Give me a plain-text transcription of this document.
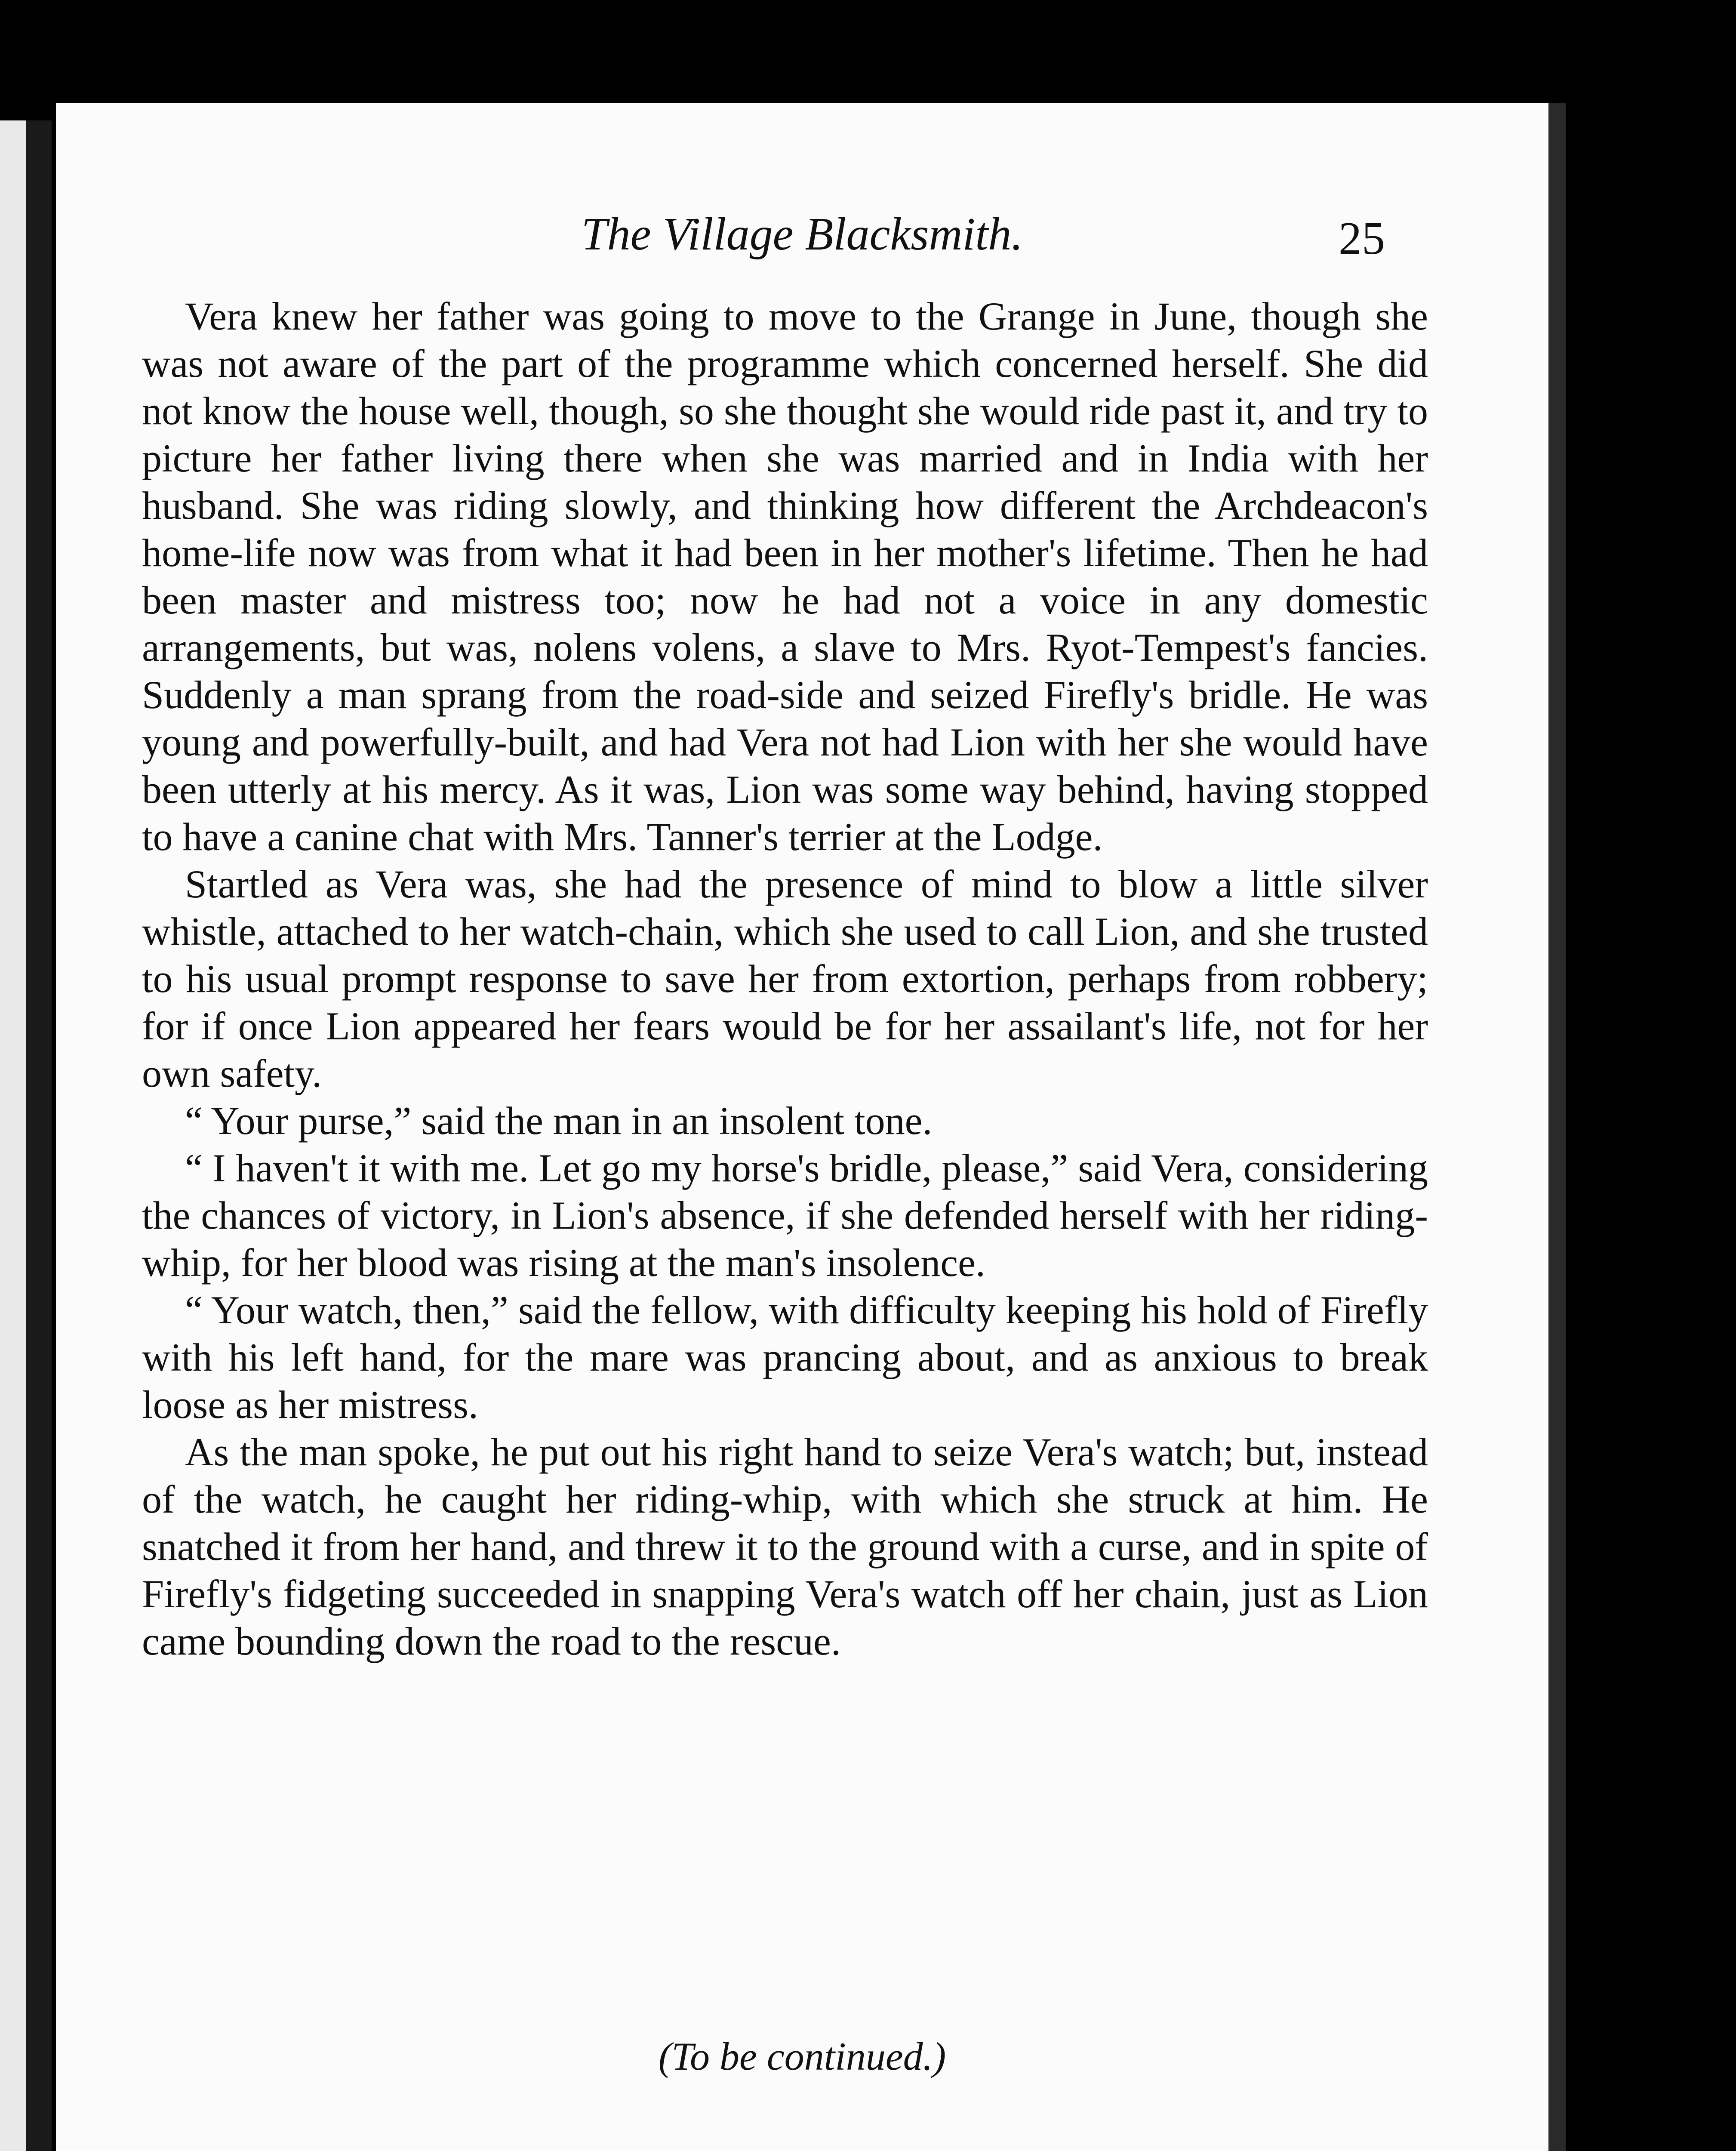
The Village Blacksmith.	25

Vera knew her father was going to move to the Grange in June, though she was not aware of the part of the programme which concerned herself. She did not know the house well, though, so she thought she would ride past it, and try to picture her father living there when she was married and in India with her husband. She was riding slowly, and thinking how different the Archdeacon's home-life now was from what it had been in her mother's lifetime. Then he had been master and mistress too; now he had not a voice in any domestic arrangements, but was, nolens volens, a slave to Mrs. Ryot-Tempest's fancies. Suddenly a man sprang from the road-side and seized Firefly's bridle. He was young and powerfully-built, and had Vera not had Lion with her she would have been utterly at his mercy. As it was, Lion was some way behind, having stopped to have a canine chat with Mrs. Tanner's terrier at the Lodge.

Startled as Vera was, she had the presence of mind to blow a little silver whistle, attached to her watch-chain, which she used to call Lion, and she trusted to his usual prompt response to save her from extortion, perhaps from robbery; for if once Lion appeared her fears would be for her assailant's life, not for her own safety.

“ Your purse,” said the man in an insolent tone.

“ I haven't it with me. Let go my horse's bridle, please,” said Vera, considering the chances of victory, in Lion's absence, if she defended herself with her riding-whip, for her blood was rising at the man's insolence.

“ Your watch, then,” said the fellow, with difficulty keeping his hold of Firefly with his left hand, for the mare was prancing about, and as anxious to break loose as her mistress.

As the man spoke, he put out his right hand to seize Vera's watch; but, instead of the watch, he caught her riding-whip, with which she struck at him. He snatched it from her hand, and threw it to the ground with a curse, and in spite of Firefly's fidgeting succeeded in snapping Vera's watch off her chain, just as Lion came bounding down the road to the rescue.

(To be continued.)
